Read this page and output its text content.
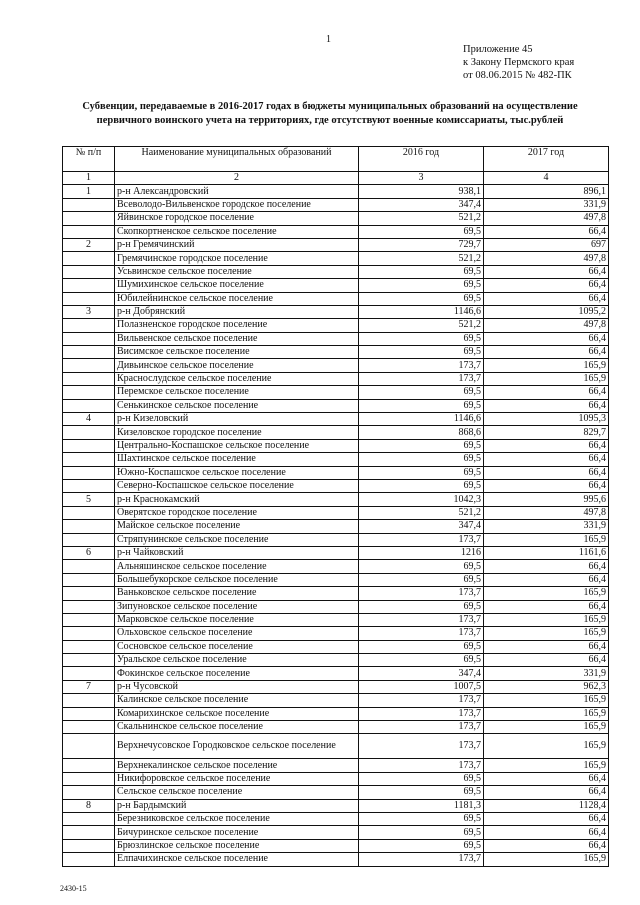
1
Приложение 45
к Закону Пермского края
от 08.06.2015 № 482-ПК
Субвенции, передаваемые в 2016-2017 годах в бюджеты муниципальных образований на осуществление
первичного воинского учета на территориях, где отсутствуют военные комиссариаты, тыс.рублей
№ п/п	Наименование муниципальных образований	2016 год	2017 год
1	2	3	4
1	р-н Александровский	938,1	896,1
	Всеволодо-Вильвенское городское поселение	347,4	331,9
	Яйвинское городское поселение	521,2	497,8
	Скопкортненское сельское поселение	69,5	66,4
2	р-н Гремячинский	729,7	697
	Гремячинское городское поселение	521,2	497,8
	Усьвинское сельское поселение	69,5	66,4
	Шумихинское сельское поселение	69,5	66,4
	Юбилейнинское сельское поселение	69,5	66,4
3	р-н Добрянский	1146,6	1095,2
	Полазненское городское поселение	521,2	497,8
	Вильвенское сельское поселение	69,5	66,4
	Висимское сельское поселение	69,5	66,4
	Дивьинское сельское поселение	173,7	165,9
	Краснослудское сельское поселение	173,7	165,9
	Перемское сельское поселение	69,5	66,4
	Сенькинское сельское поселение	69,5	66,4
4	р-н Кизеловский	1146,6	1095,3
	Кизеловское городское поселение	868,6	829,7
	Центрально-Коспашское сельское поселение	69,5	66,4
	Шахтинское сельское поселение	69,5	66,4
	Южно-Коспашское сельское поселение	69,5	66,4
	Северно-Коспашское сельское поселение	69,5	66,4
5	р-н Краснокамский	1042,3	995,6
	Оверятское городское поселение	521,2	497,8
	Майское сельское поселение	347,4	331,9
	Стряпунинское сельское поселение	173,7	165,9
6	р-н Чайковский	1216	1161,6
	Альняшинское сельское поселение	69,5	66,4
	Большебукорское сельское поселение	69,5	66,4
	Ваньковское сельское поселение	173,7	165,9
	Зипуновское сельское поселение	69,5	66,4
	Марковское сельское поселение	173,7	165,9
	Ольховское сельское поселение	173,7	165,9
	Сосновское сельское поселение	69,5	66,4
	Уральское сельское поселение	69,5	66,4
	Фокинское сельское поселение	347,4	331,9
7	р-н Чусовской	1007,5	962,3
	Калинское сельское поселение	173,7	165,9
	Комарихинское сельское поселение	173,7	165,9
	Скальнинское сельское поселение	173,7	165,9
	Верхнечусовское Городковское сельское поселение	173,7	165,9
	Верхнекалинское сельское поселение	173,7	165,9
	Никифоровское сельское поселение	69,5	66,4
	Сельское сельское поселение	69,5	66,4
8	р-н Бардымский	1181,3	1128,4
	Березниковское сельское поселение	69,5	66,4
	Бичуринское сельское поселение	69,5	66,4
	Брюзлинское сельское поселение	69,5	66,4
	Елпачихинское сельское поселение	173,7	165,9
2430-15
